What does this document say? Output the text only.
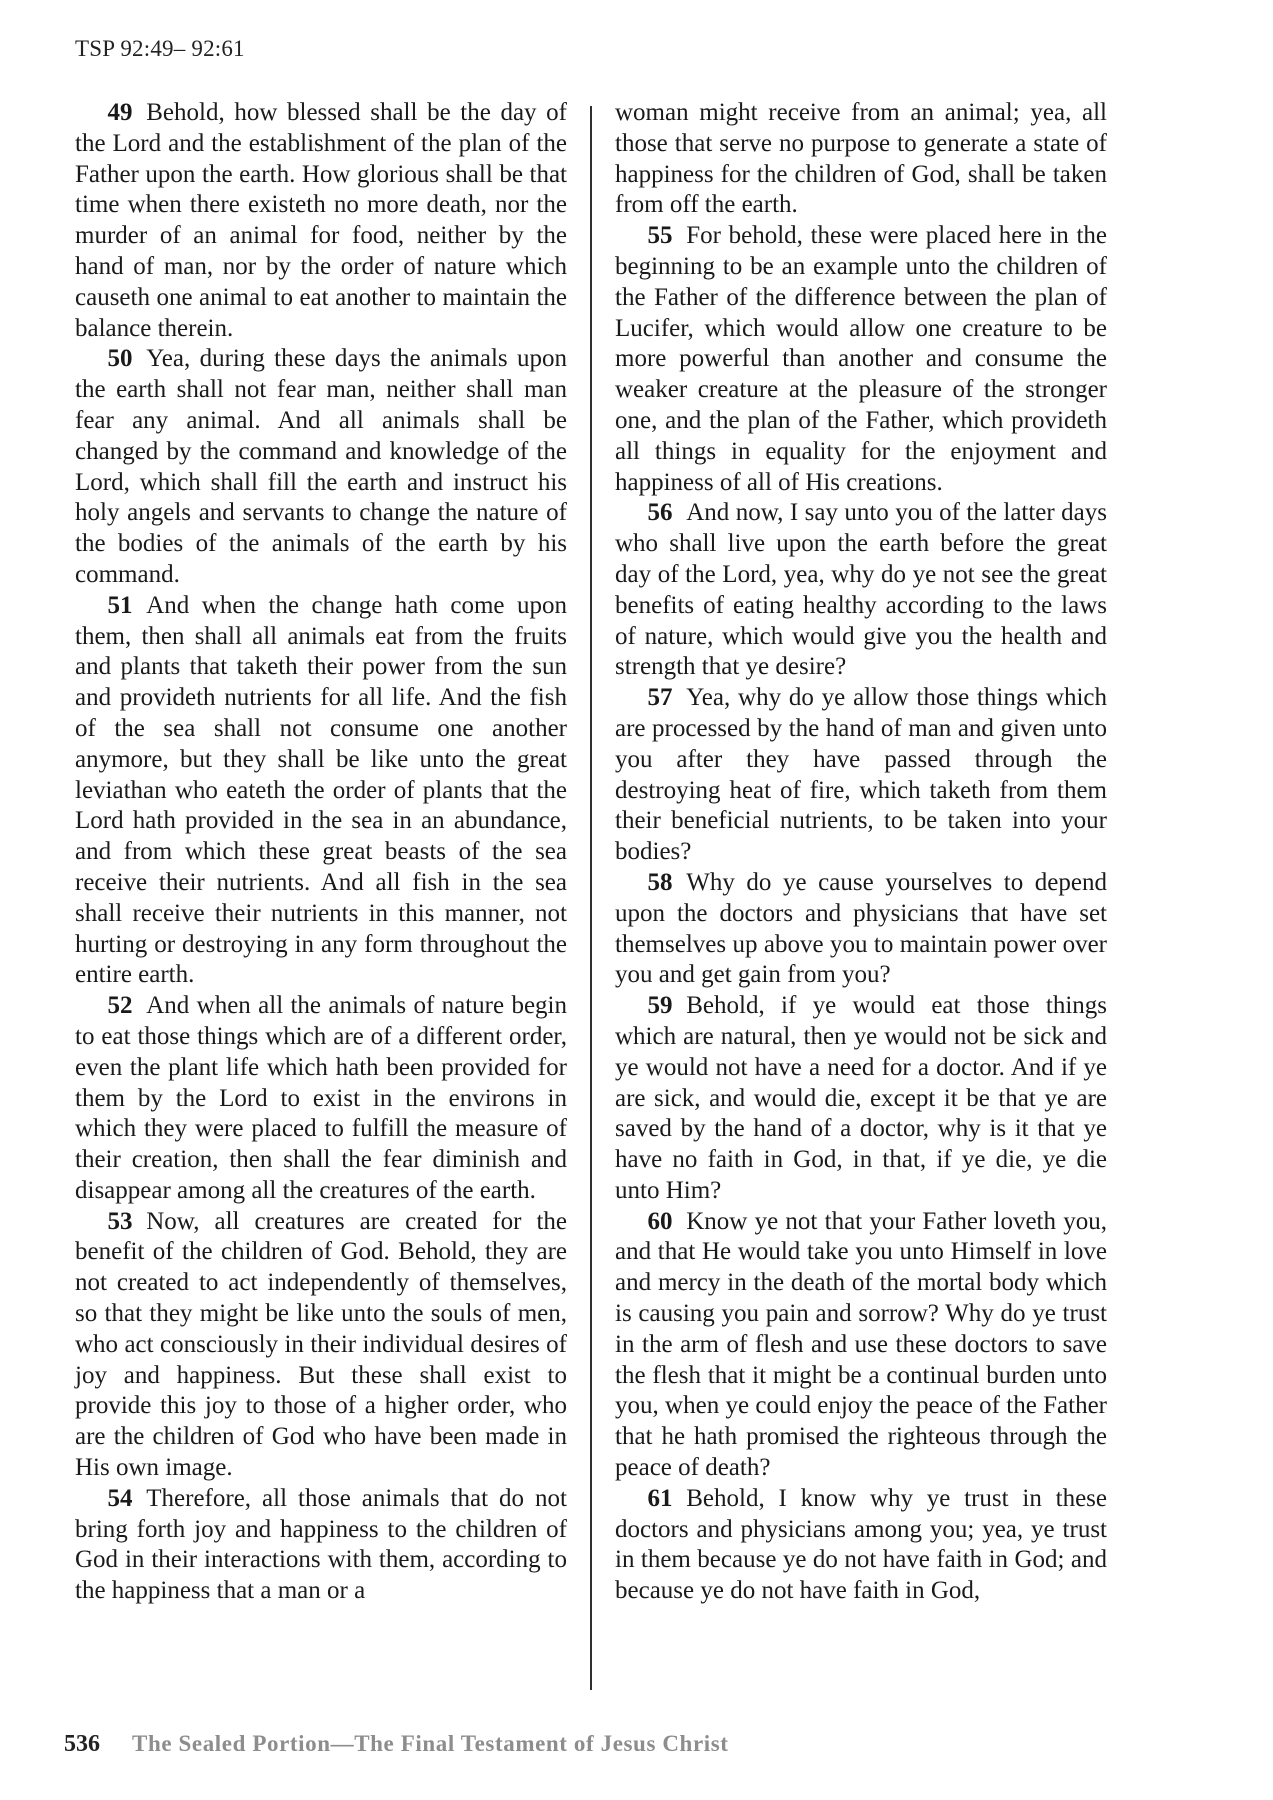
TSP 92:49– 92:61

49 Behold, how blessed shall be the day of the Lord and the establishment of the plan of the Father upon the earth. How glorious shall be that time when there existeth no more death, nor the murder of an animal for food, neither by the hand of man, nor by the order of nature which causeth one animal to eat another to maintain the balance therein.

50 Yea, during these days the animals upon the earth shall not fear man, neither shall man fear any animal. And all animals shall be changed by the command and knowledge of the Lord, which shall fill the earth and instruct his holy angels and servants to change the nature of the bodies of the animals of the earth by his command.

51 And when the change hath come upon them, then shall all animals eat from the fruits and plants that taketh their power from the sun and provideth nutrients for all life. And the fish of the sea shall not consume one another anymore, but they shall be like unto the great leviathan who eateth the order of plants that the Lord hath provided in the sea in an abundance, and from which these great beasts of the sea receive their nutrients. And all fish in the sea shall receive their nutrients in this manner, not hurting or destroying in any form throughout the entire earth.

52 And when all the animals of nature begin to eat those things which are of a different order, even the plant life which hath been provided for them by the Lord to exist in the environs in which they were placed to fulfill the measure of their creation, then shall the fear diminish and disappear among all the creatures of the earth.

53 Now, all creatures are created for the benefit of the children of God. Behold, they are not created to act independently of themselves, so that they might be like unto the souls of men, who act consciously in their individual desires of joy and happiness. But these shall exist to provide this joy to those of a higher order, who are the children of God who have been made in His own image.

54 Therefore, all those animals that do not bring forth joy and happiness to the children of God in their interactions with them, according to the happiness that a man or a

woman might receive from an animal; yea, all those that serve no purpose to generate a state of happiness for the children of God, shall be taken from off the earth.

55 For behold, these were placed here in the beginning to be an example unto the children of the Father of the difference between the plan of Lucifer, which would allow one creature to be more powerful than another and consume the weaker creature at the pleasure of the stronger one, and the plan of the Father, which provideth all things in equality for the enjoyment and happiness of all of His creations.

56 And now, I say unto you of the latter days who shall live upon the earth before the great day of the Lord, yea, why do ye not see the great benefits of eating healthy according to the laws of nature, which would give you the health and strength that ye desire?

57 Yea, why do ye allow those things which are processed by the hand of man and given unto you after they have passed through the destroying heat of fire, which taketh from them their beneficial nutrients, to be taken into your bodies?

58 Why do ye cause yourselves to depend upon the doctors and physicians that have set themselves up above you to maintain power over you and get gain from you?

59 Behold, if ye would eat those things which are natural, then ye would not be sick and ye would not have a need for a doctor. And if ye are sick, and would die, except it be that ye are saved by the hand of a doctor, why is it that ye have no faith in God, in that, if ye die, ye die unto Him?

60 Know ye not that your Father loveth you, and that He would take you unto Himself in love and mercy in the death of the mortal body which is causing you pain and sorrow? Why do ye trust in the arm of flesh and use these doctors to save the flesh that it might be a continual burden unto you, when ye could enjoy the peace of the Father that he hath promised the righteous through the peace of death?

61 Behold, I know why ye trust in these doctors and physicians among you; yea, ye trust in them because ye do not have faith in God; and because ye do not have faith in God,

536 The Sealed Portion—The Final Testament of Jesus Christ
